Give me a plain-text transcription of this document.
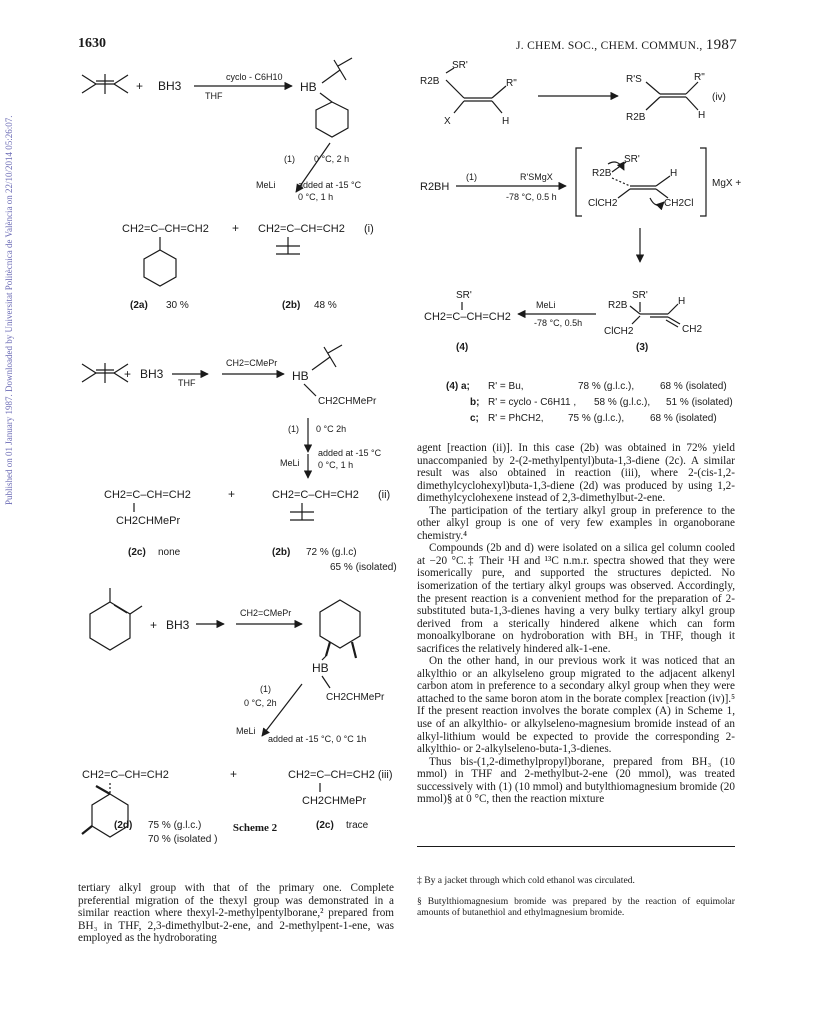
1630	J. CHEM. SOC., CHEM. COMMUN., 1987
Published on 01 January 1987. Downloaded by Universitat Politècnica de València on 22/10/2014 05:26:07.
+ BH3
cyclo - C6H10
THF
HB
(1) 0 °C, 2 h
MeLi added at -15 °C
0 °C, 1 h
CH2=C–CH=CH2 + CH2=C–CH=CH2 (i)
(2a) 30 %	(2b) 48 %
+ BH3
THF
CH2=CMePr
HB
CH2CHMePr
(1) 0 °C 2h
MeLi
added at -15 °C
0 °C, 1 h
CH2=C–CH=CH2
CH2CHMePr
+	CH2=C–CH=CH2 (ii)
(2c) none	(2b) 72 % (g.l.c)
65 % (isolated)
+ BH3
CH2=CMePr
HB
CH2CHMePr
(1)
0 °C, 2h
MeLi
added at -15 °C, 0 °C 1h
CH2=C–CH=CH2	+	CH2=C–CH=CH2 (iii)
CH2CHMePr
(2d) 75 % (g.l.c.)
70 % (isolated )
(2c) trace
SR'
R2B	R"
X	H
R'S	R"
R2B	H
(iv)
R2BH
(1)	R'SMgX
-78 °C, 0.5 h
SR'
R2B	H
ClCH2	CH2Cl
MgX +
SR'
R2B	H
ClCH2	CH2
(3)
MeLi
-78 °C, 0.5h
SR'
CH2=C–CH=CH2
(4)
(4) a; R' = Bu,	78 % (g.l.c.),	68 % (isolated)
b; R' = cyclo - C6H11 , 58 % (g.l.c.), 51 % (isolated)
c; R' = PhCH2, 75 % (g.l.c.),	68 % (isolated)
Scheme 2

tertiary alkyl group with that of the primary one. Complete preferential migration of the thexyl group was demonstrated in a similar reaction where thexyl-2-methylpentylborane,² prepared from BH₃ in THF, 2,3-dimethylbut-2-ene, and 2-methylpent-1-ene, was employed as the hydroborating

agent [reaction (ii)]. In this case (2b) was obtained in 72% yield unaccompanied by 2-(2-methylpentyl)buta-1,3-diene (2c). A similar result was also obtained in reaction (iii), where 2-(cis-1,2-dimethylcyclohexyl)buta-1,3-diene (2d) was produced by using 1,2-dimethylcyclohexene instead of 2,3-dimethylbut-2-ene.

The participation of the tertiary alkyl group in preference to the other alkyl group is one of very few examples in organoborane chemistry.⁴

Compounds (2b and d) were isolated on a silica gel column cooled at −20 °C.‡ Their ¹H and ¹³C n.m.r. spectra showed that they were isomerically pure, and supported the structures depicted. No isomerization of the tertiary alkyl groups was observed. Accordingly, the present reaction is a convenient method for the preparation of 2-substituted buta-1,3-dienes having a very bulky tertiary alkyl group derived from a sterically hindered alkene which can form monoalkylborane on hydroboration with BH₃ in THF, though it sacrifices the relatively hindered alk-1-ene.

On the other hand, in our previous work it was noticed that an alkylthio or an alkylseleno group migrated to the adjacent alkenyl carbon atom in preference to a secondary alkyl group when they were attached to the same boron atom in the borate complex [reaction (iv)].⁵ If the present reaction involves the borate complex (A) in Scheme 1, use of an alkylthio- or alkylseleno-magnesium bromide instead of an alkyl-lithium would be expected to provide the corresponding 2-alkylthio- or 2-alkylseleno-buta-1,3-dienes.

Thus bis-(1,2-dimethylpropyl)borane, prepared from BH₃ (10 mmol) in THF and 2-methylbut-2-ene (20 mmol), was treated successively with (1) (10 mmol) and butylthiomagnesium bromide (20 mmol)§ at 0 °C, then the reaction mixture

‡ By a jacket through which cold ethanol was circulated.
§ Butylthiomagnesium bromide was prepared by the reaction of equimolar amounts of butanethiol and ethylmagnesium bromide.
